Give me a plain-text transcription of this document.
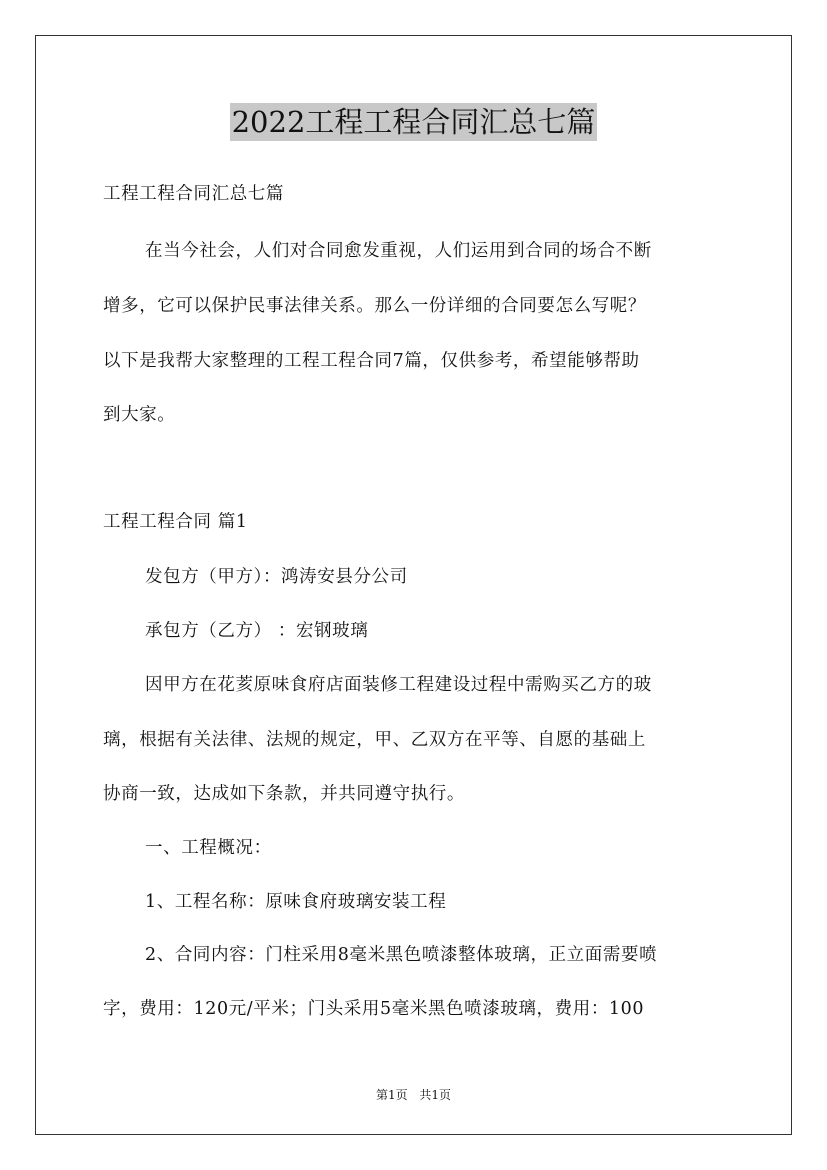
2022工程工程合同汇总七篇
工程工程合同汇总七篇
在当今社会，人们对合同愈发重视，人们运用到合同的场合不断
增多，它可以保护民事法律关系。那么一份详细的合同要怎么写呢？
以下是我帮大家整理的工程工程合同7篇，仅供参考，希望能够帮助
到大家。
工程工程合同 篇1
发包方（甲方）：鸿涛安县分公司
承包方（乙方） ：宏钢玻璃
因甲方在花荄原味食府店面装修工程建设过程中需购买乙方的玻
璃，根据有关法律、法规的规定，甲、乙双方在平等、自愿的基础上
协商一致，达成如下条款，并共同遵守执行。
一、工程概况：
1、工程名称：原味食府玻璃安装工程
2、合同内容：门柱采用8毫米黑色喷漆整体玻璃，正立面需要喷
字，费用：120元/平米；门头采用5毫米黑色喷漆玻璃，费用：100
第1页 共1页
